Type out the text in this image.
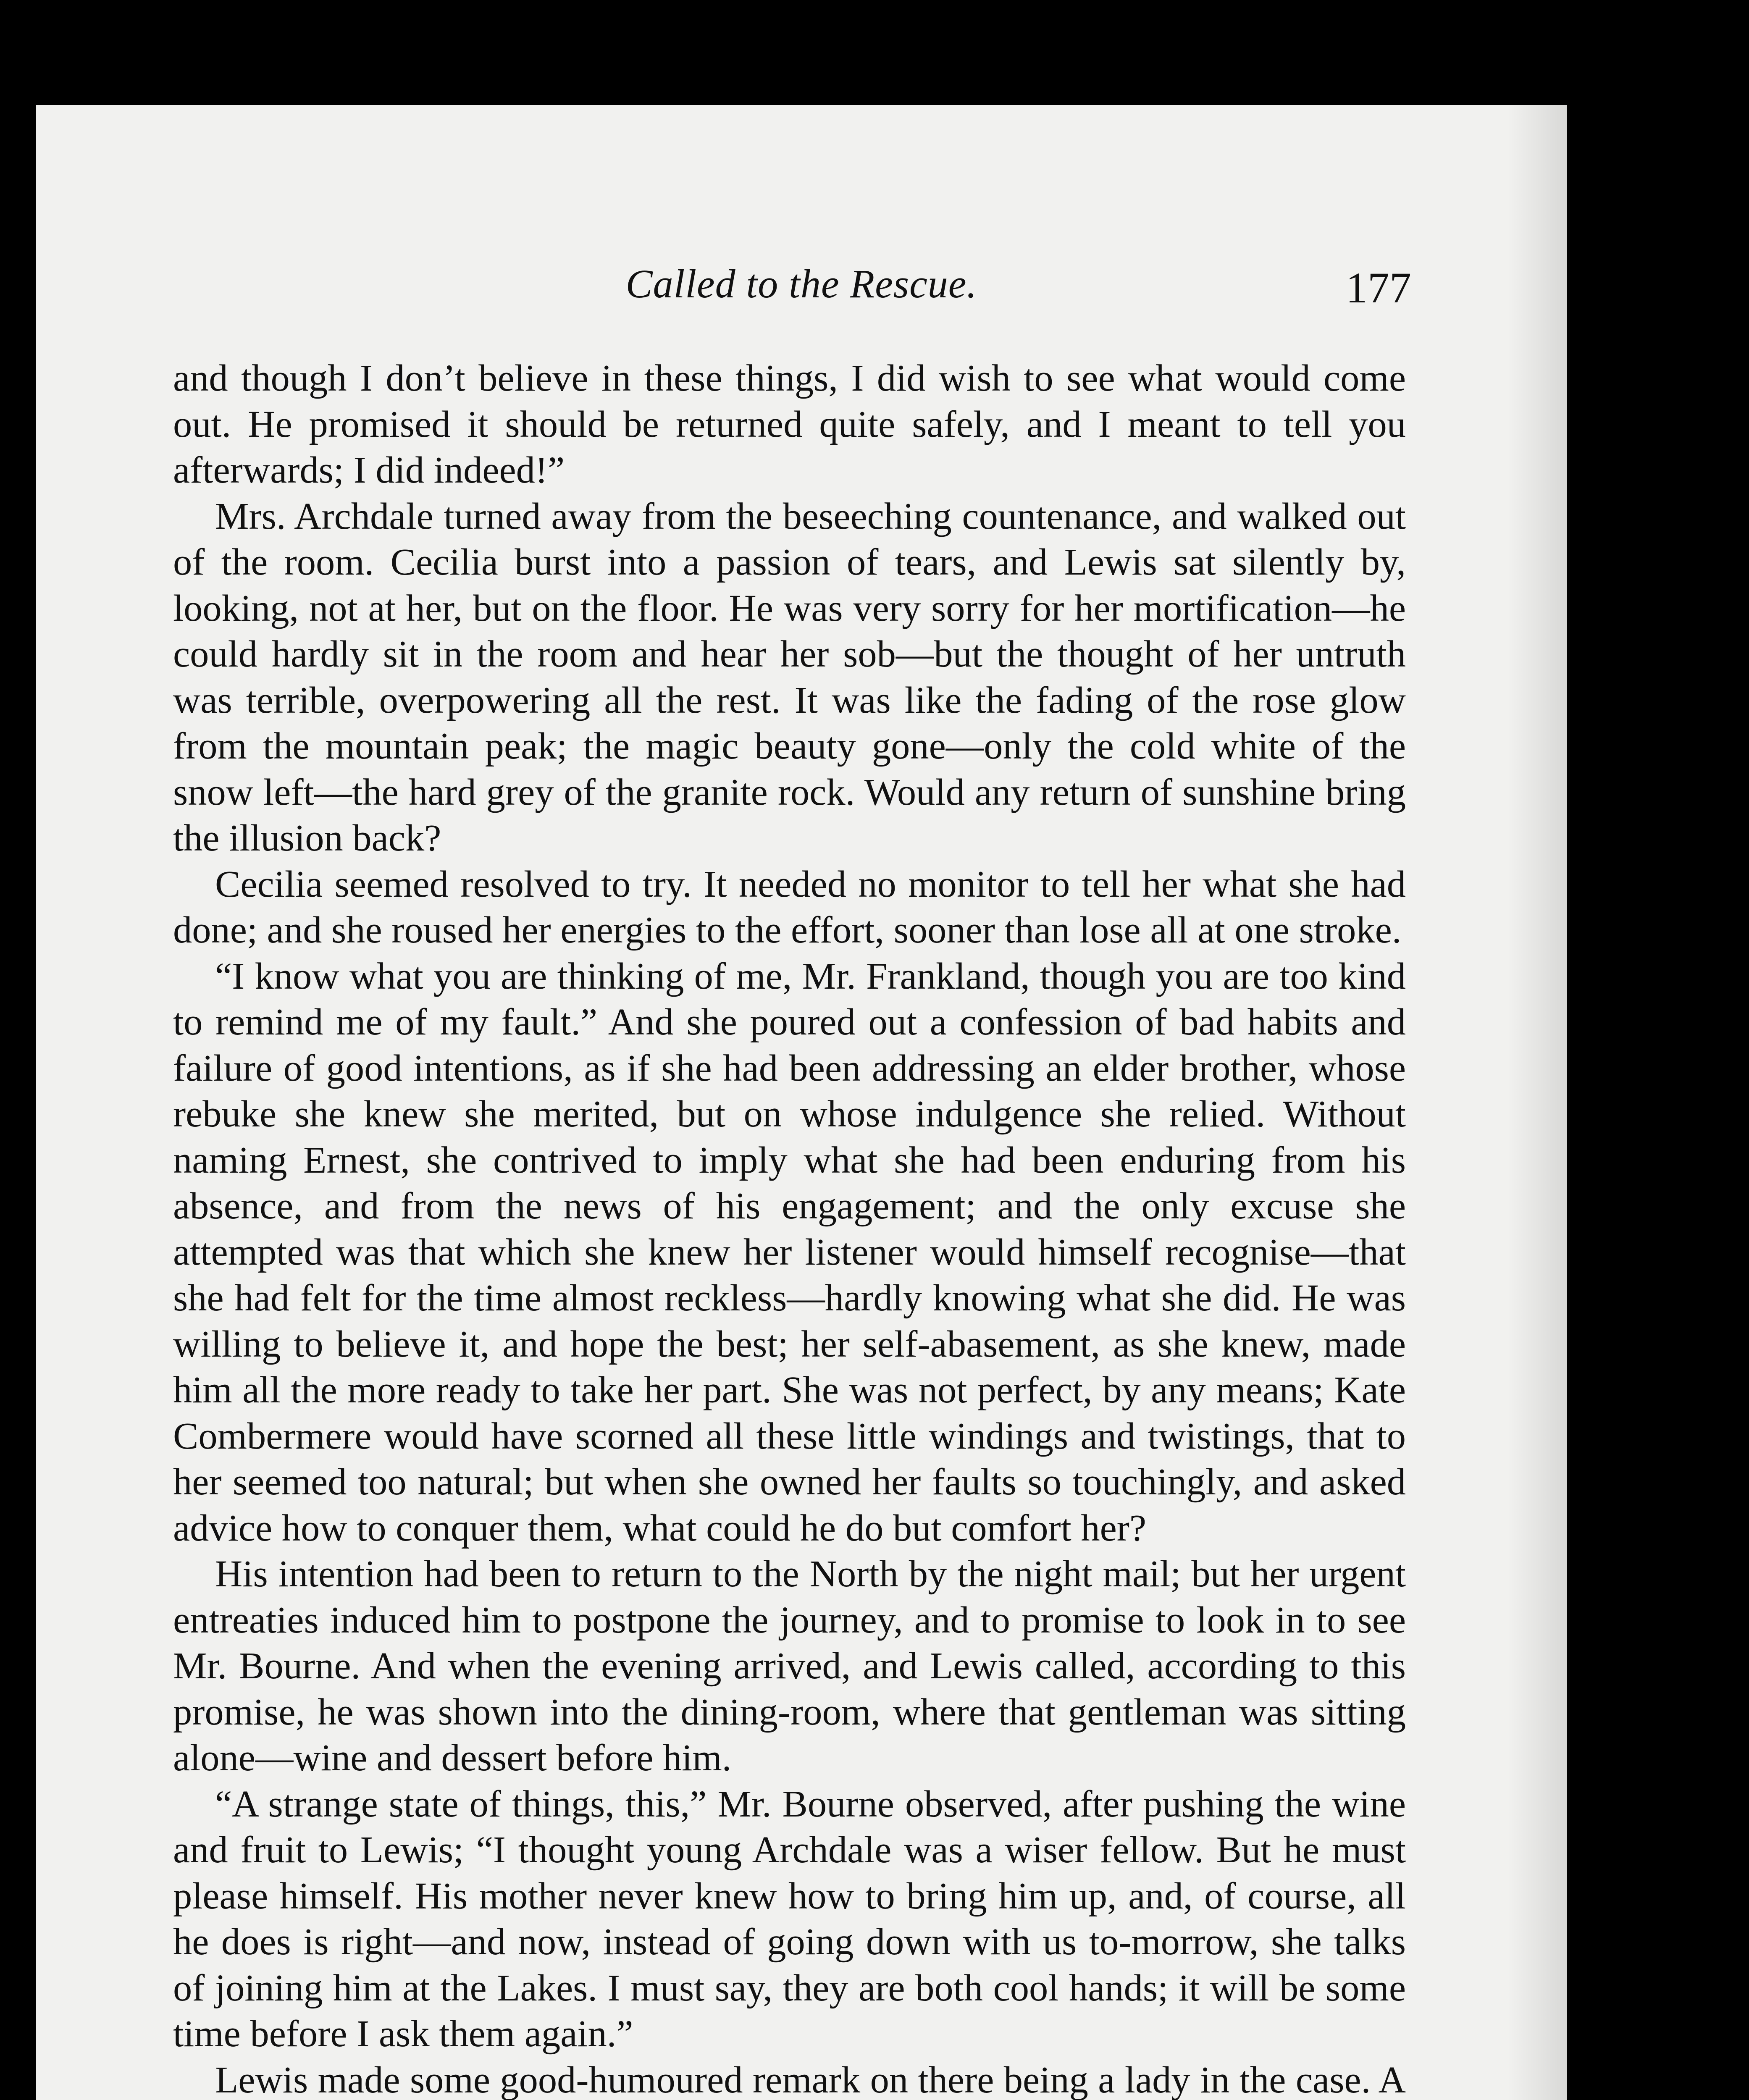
Called to the Rescue.	177

and though I don’t believe in these things, I did wish to see what would come out. He promised it should be returned quite safely, and I meant to tell you afterwards; I did indeed!”

Mrs. Archdale turned away from the beseeching countenance, and walked out of the room. Cecilia burst into a passion of tears, and Lewis sat silently by, looking, not at her, but on the floor. He was very sorry for her mortification—he could hardly sit in the room and hear her sob—but the thought of her untruth was terrible, overpowering all the rest. It was like the fading of the rose glow from the mountain peak; the magic beauty gone—only the cold white of the snow left—the hard grey of the granite rock. Would any return of sunshine bring the illusion back?

Cecilia seemed resolved to try. It needed no monitor to tell her what she had done; and she roused her energies to the effort, sooner than lose all at one stroke.

“I know what you are thinking of me, Mr. Frankland, though you are too kind to remind me of my fault.” And she poured out a confession of bad habits and failure of good intentions, as if she had been addressing an elder brother, whose rebuke she knew she merited, but on whose indulgence she relied. Without naming Ernest, she contrived to imply what she had been enduring from his absence, and from the news of his engagement; and the only excuse she attempted was that which she knew her listener would himself recognise—that she had felt for the time almost reckless—hardly knowing what she did. He was willing to believe it, and hope the best; her self-abasement, as she knew, made him all the more ready to take her part. She was not perfect, by any means; Kate Combermere would have scorned all these little windings and twistings, that to her seemed too natural; but when she owned her faults so touchingly, and asked advice how to conquer them, what could he do but comfort her?

His intention had been to return to the North by the night mail; but her urgent entreaties induced him to postpone the journey, and to promise to look in to see Mr. Bourne. And when the evening arrived, and Lewis called, according to this promise, he was shown into the dining-room, where that gentleman was sitting alone—wine and dessert before him.

“A strange state of things, this,” Mr. Bourne observed, after pushing the wine and fruit to Lewis; “I thought young Archdale was a wiser fellow. But he must please himself. His mother never knew how to bring him up, and, of course, all he does is right—and now, instead of going down with us to-morrow, she talks of joining him at the Lakes. I must say, they are both cool hands; it will be some time before I ask them again.”

Lewis made some good-humoured remark on there being a lady in the case. A
